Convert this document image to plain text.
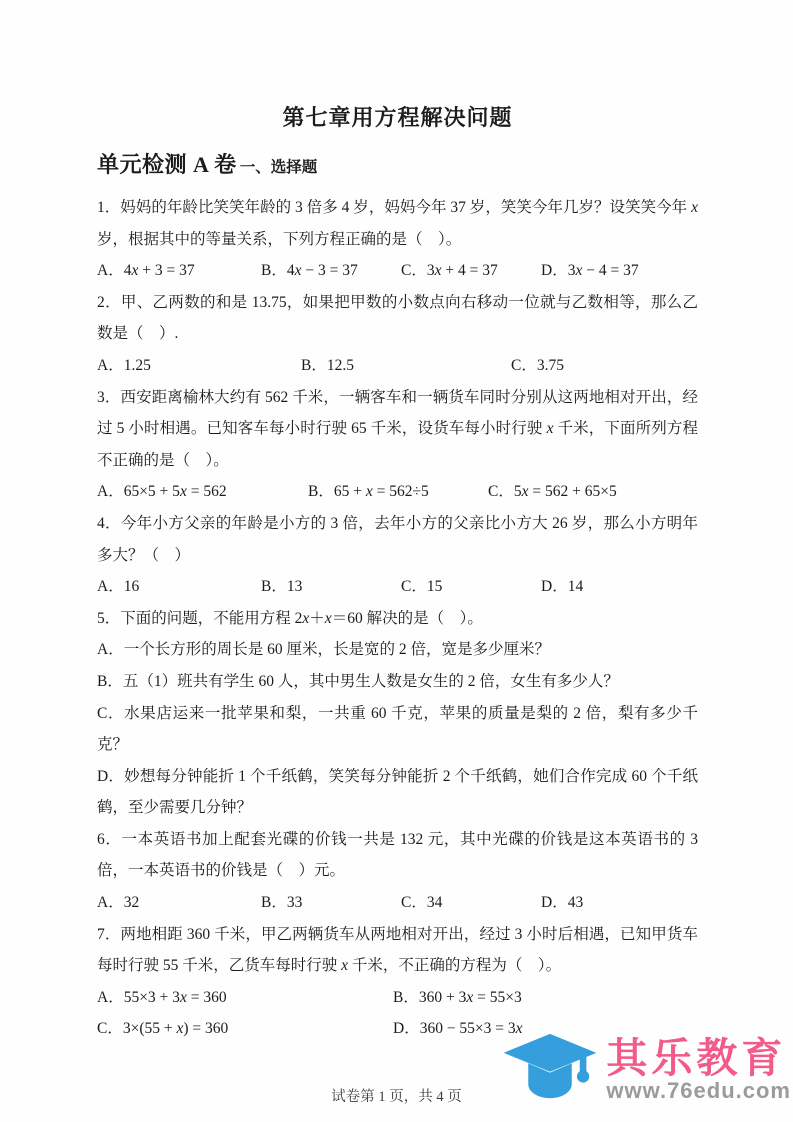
第七章用方程解决问题
单元检测 A 卷 一、选择题

1．妈妈的年龄比笑笑年龄的 3 倍多 4 岁，妈妈今年 37 岁，笑笑今年几岁？设笑笑今年 x 岁，根据其中的等量关系，下列方程正确的是（　）。

A．4x + 3 = 37	B．4x − 3 = 37	C．3x + 4 = 37	D．3x − 4 = 37

2．甲、乙两数的和是 13.75，如果把甲数的小数点向右移动一位就与乙数相等，那么乙数是（　）.

A．1.25	B．12.5	C．3.75

3．西安距离榆林大约有 562 千米，一辆客车和一辆货车同时分别从这两地相对开出，经过 5 小时相遇。已知客车每小时行驶 65 千米，设货车每小时行驶 x 千米，下面所列方程不正确的是（　）。

A．65×5 + 5x = 562	B．65 + x = 562÷5	C．5x = 562 + 65×5

4．今年小方父亲的年龄是小方的 3 倍，去年小方的父亲比小方大 26 岁，那么小方明年多大？（　）

A．16	B．13	C．15	D．14

5．下面的问题，不能用方程 2x＋x＝60 解决的是（　）。

A．一个长方形的周长是 60 厘米，长是宽的 2 倍，宽是多少厘米？

B．五（1）班共有学生 60 人，其中男生人数是女生的 2 倍，女生有多少人？

C．水果店运来一批苹果和梨，一共重 60 千克，苹果的质量是梨的 2 倍，梨有多少千克？

D．妙想每分钟能折 1 个千纸鹤，笑笑每分钟能折 2 个千纸鹤，她们合作完成 60 个千纸鹤，至少需要几分钟？

6．一本英语书加上配套光碟的价钱一共是 132 元，其中光碟的价钱是这本英语书的 3 倍，一本英语书的价钱是（　）元。

A．32	B．33	C．34	D．43

7．两地相距 360 千米，甲乙两辆货车从两地相对开出，经过 3 小时后相遇，已知甲货车每时行驶 55 千米，乙货车每时行驶 x 千米，不正确的方程为（　）。

A．55×3 + 3x = 360	B．360 + 3x = 55×3
C．3×(55 + x) = 360	D．360 − 55×3 = 3x
试卷第 1 页，共 4 页
其乐教育
www.76edu.com
